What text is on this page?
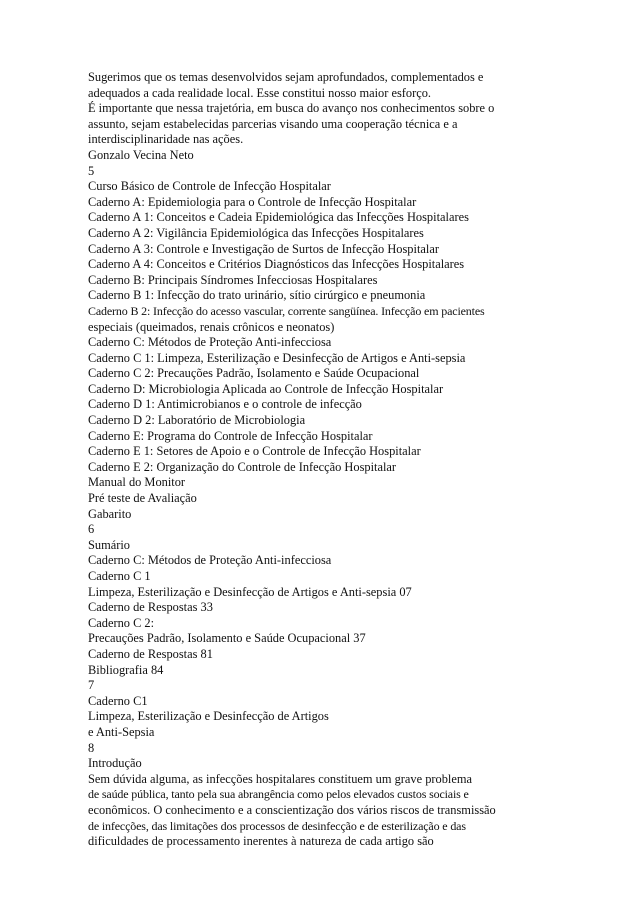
Sugerimos que os temas desenvolvidos sejam aprofundados, complementados e
adequados a cada realidade local. Esse constitui nosso maior esforço.
É importante que nessa trajetória, em busca do avanço nos conhecimentos sobre o
assunto, sejam estabelecidas parcerias visando uma cooperação técnica e a
interdisciplinaridade nas ações.
Gonzalo Vecina Neto
5
Curso Básico de Controle de Infecção Hospitalar
Caderno A: Epidemiologia para o Controle de Infecção Hospitalar
Caderno A 1: Conceitos e Cadeia Epidemiológica das Infecções Hospitalares
Caderno A 2: Vigilância Epidemiológica das Infecções Hospitalares
Caderno A 3: Controle e Investigação de Surtos de Infecção Hospitalar
Caderno A 4: Conceitos e Critérios Diagnósticos das Infecções Hospitalares
Caderno B: Principais Síndromes Infecciosas Hospitalares
Caderno B 1: Infecção do trato urinário, sítio cirúrgico e pneumonia
Caderno B 2: Infecção do acesso vascular, corrente sangüínea. Infecção em pacientes
especiais (queimados, renais crônicos e neonatos)
Caderno C: Métodos de Proteção Anti-infecciosa
Caderno C 1: Limpeza, Esterilização e Desinfecção de Artigos e Anti-sepsia
Caderno C 2: Precauções Padrão, Isolamento e Saúde Ocupacional
Caderno D: Microbiologia Aplicada ao Controle de Infecção Hospitalar
Caderno D 1: Antimicrobianos e o controle de infecção
Caderno D 2: Laboratório de Microbiologia
Caderno E: Programa do Controle de Infecção Hospitalar
Caderno E 1: Setores de Apoio e o Controle de Infecção Hospitalar
Caderno E 2: Organização do Controle de Infecção Hospitalar
Manual do Monitor
Pré teste de Avaliação
Gabarito
6
Sumário
Caderno C: Métodos de Proteção Anti-infecciosa
Caderno C 1
Limpeza, Esterilização e Desinfecção de Artigos e Anti-sepsia 07
Caderno de Respostas 33
Caderno C 2:
Precauções Padrão, Isolamento e Saúde Ocupacional 37
Caderno de Respostas 81
Bibliografia 84
7
Caderno C1
Limpeza, Esterilização e Desinfecção de Artigos
e Anti-Sepsia
8
Introdução
Sem dúvida alguma, as infecções hospitalares constituem um grave problema
de saúde pública, tanto pela sua abrangência como pelos elevados custos sociais e
econômicos. O conhecimento e a conscientização dos vários riscos de transmissão
de infecções, das limitações dos processos de desinfecção e de esterilização e das
dificuldades de processamento inerentes à natureza de cada artigo são
